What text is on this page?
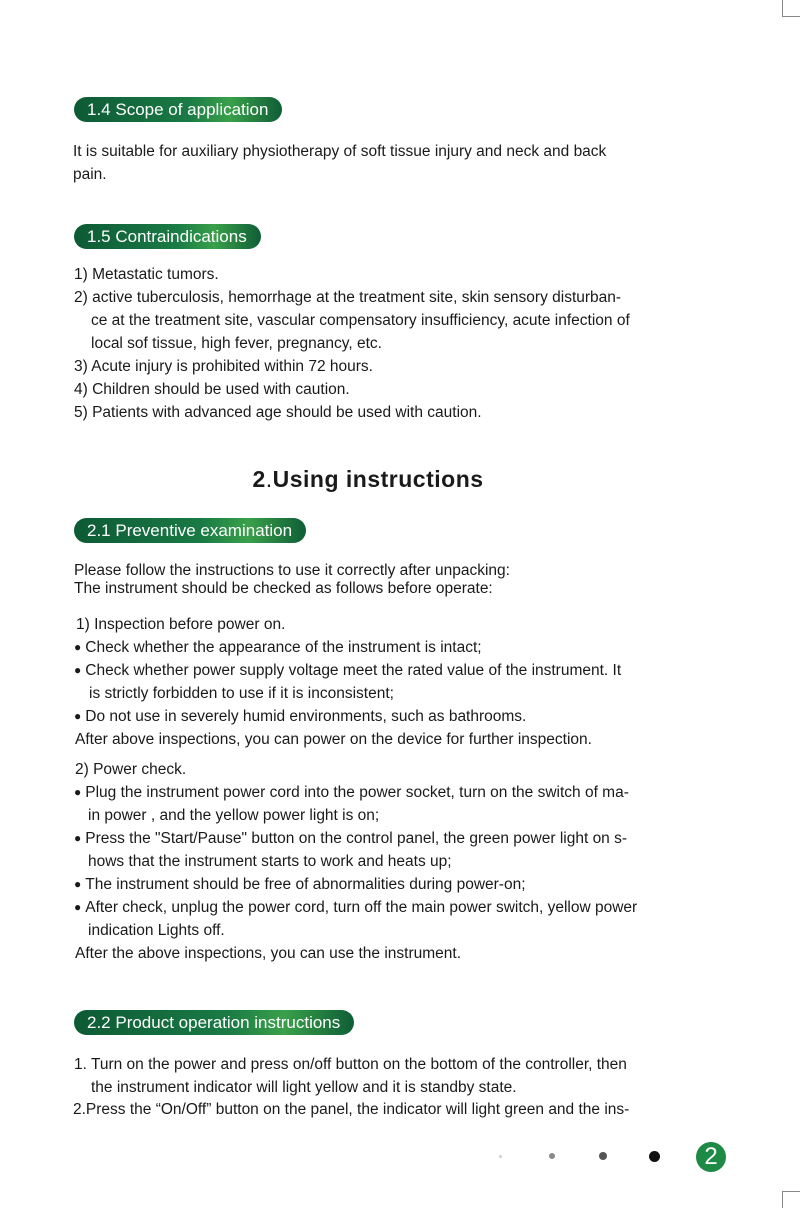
1.4 Scope of application
It is suitable for auxiliary physiotherapy of soft tissue injury and neck and back
pain.
1.5 Contraindications
1) Metastatic tumors.
2) active tuberculosis, hemorrhage at the treatment site, skin sensory disturban-
ce at the treatment site, vascular compensatory insufficiency, acute infection of
local sof tissue, high fever, pregnancy, etc.
3) Acute injury is prohibited within 72 hours.
4) Children should be used with caution.
5) Patients with advanced age should be used with caution.
2.Using instructions
2.1 Preventive examination
Please follow the instructions to use it correctly after unpacking:
The instrument should be checked as follows before operate:
1) Inspection before power on.
● Check whether the appearance of the instrument is intact;
● Check whether power supply voltage meet the rated value of the instrument. It
is strictly forbidden to use if it is inconsistent;
● Do not use in severely humid environments, such as bathrooms.
After above inspections, you can power on the device for further inspection.
2) Power check.
● Plug the instrument power cord into the power socket, turn on the switch of ma-
in power , and the yellow power light is on;
● Press the "Start/Pause" button on the control panel, the green power light on s-
hows that the instrument starts to work and heats up;
● The instrument should be free of abnormalities during power-on;
● After check, unplug the power cord, turn off the main power switch, yellow power
indication Lights off.
After the above inspections, you can use the instrument.
2.2 Product operation instructions
1. Turn on the power and press on/off button on the bottom of the controller, then
the instrument indicator will light yellow and it is standby state.
2.Press the “On/Off” button on the panel, the indicator will light green and the ins-
2
